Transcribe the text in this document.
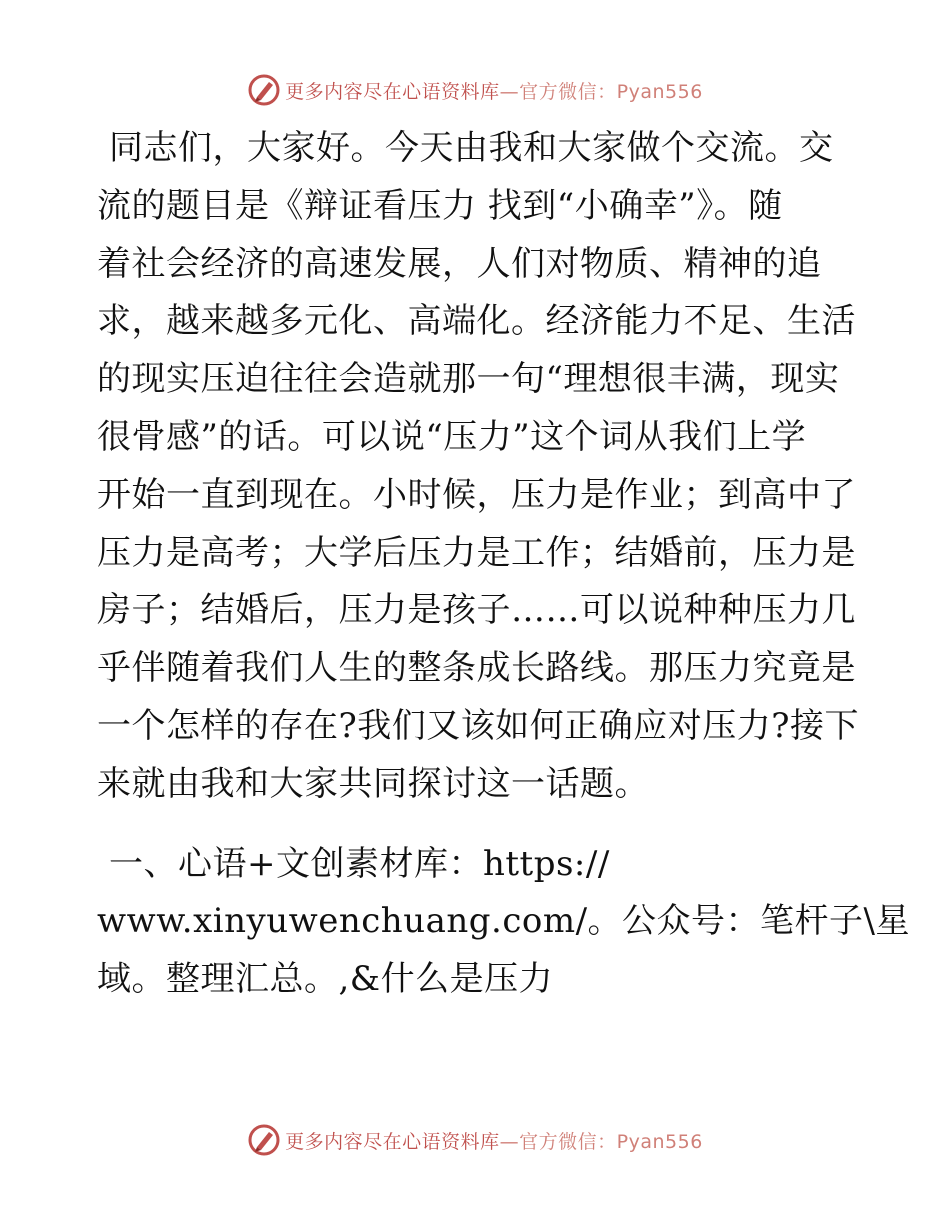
更多内容尽在心语资料库—官方微信：Pyan556

同志们，大家好。今天由我和大家做个交流。交
流的题目是《辩证看压力 找到“小确幸”》。随
着社会经济的高速发展，人们对物质、精神的追
求，越来越多元化、高端化。经济能力不足、生活
的现实压迫往往会造就那一句“理想很丰满，现实
很骨感”的话。可以说“压力”这个词从我们上学
开始一直到现在。小时候，压力是作业；到高中了
压力是高考；大学后压力是工作；结婚前，压力是
房子；结婚后，压力是孩子……可以说种种压力几
乎伴随着我们人生的整条成长路线。那压力究竟是
一个怎样的存在?我们又该如何正确应对压力?接下
来就由我和大家共同探讨这一话题。

一、心语+文创素材库：https://
www.xinyuwenchuang.com/。公众号：笔杆子\星
域。整理汇总。,&什么是压力

更多内容尽在心语资料库—官方微信：Pyan556
